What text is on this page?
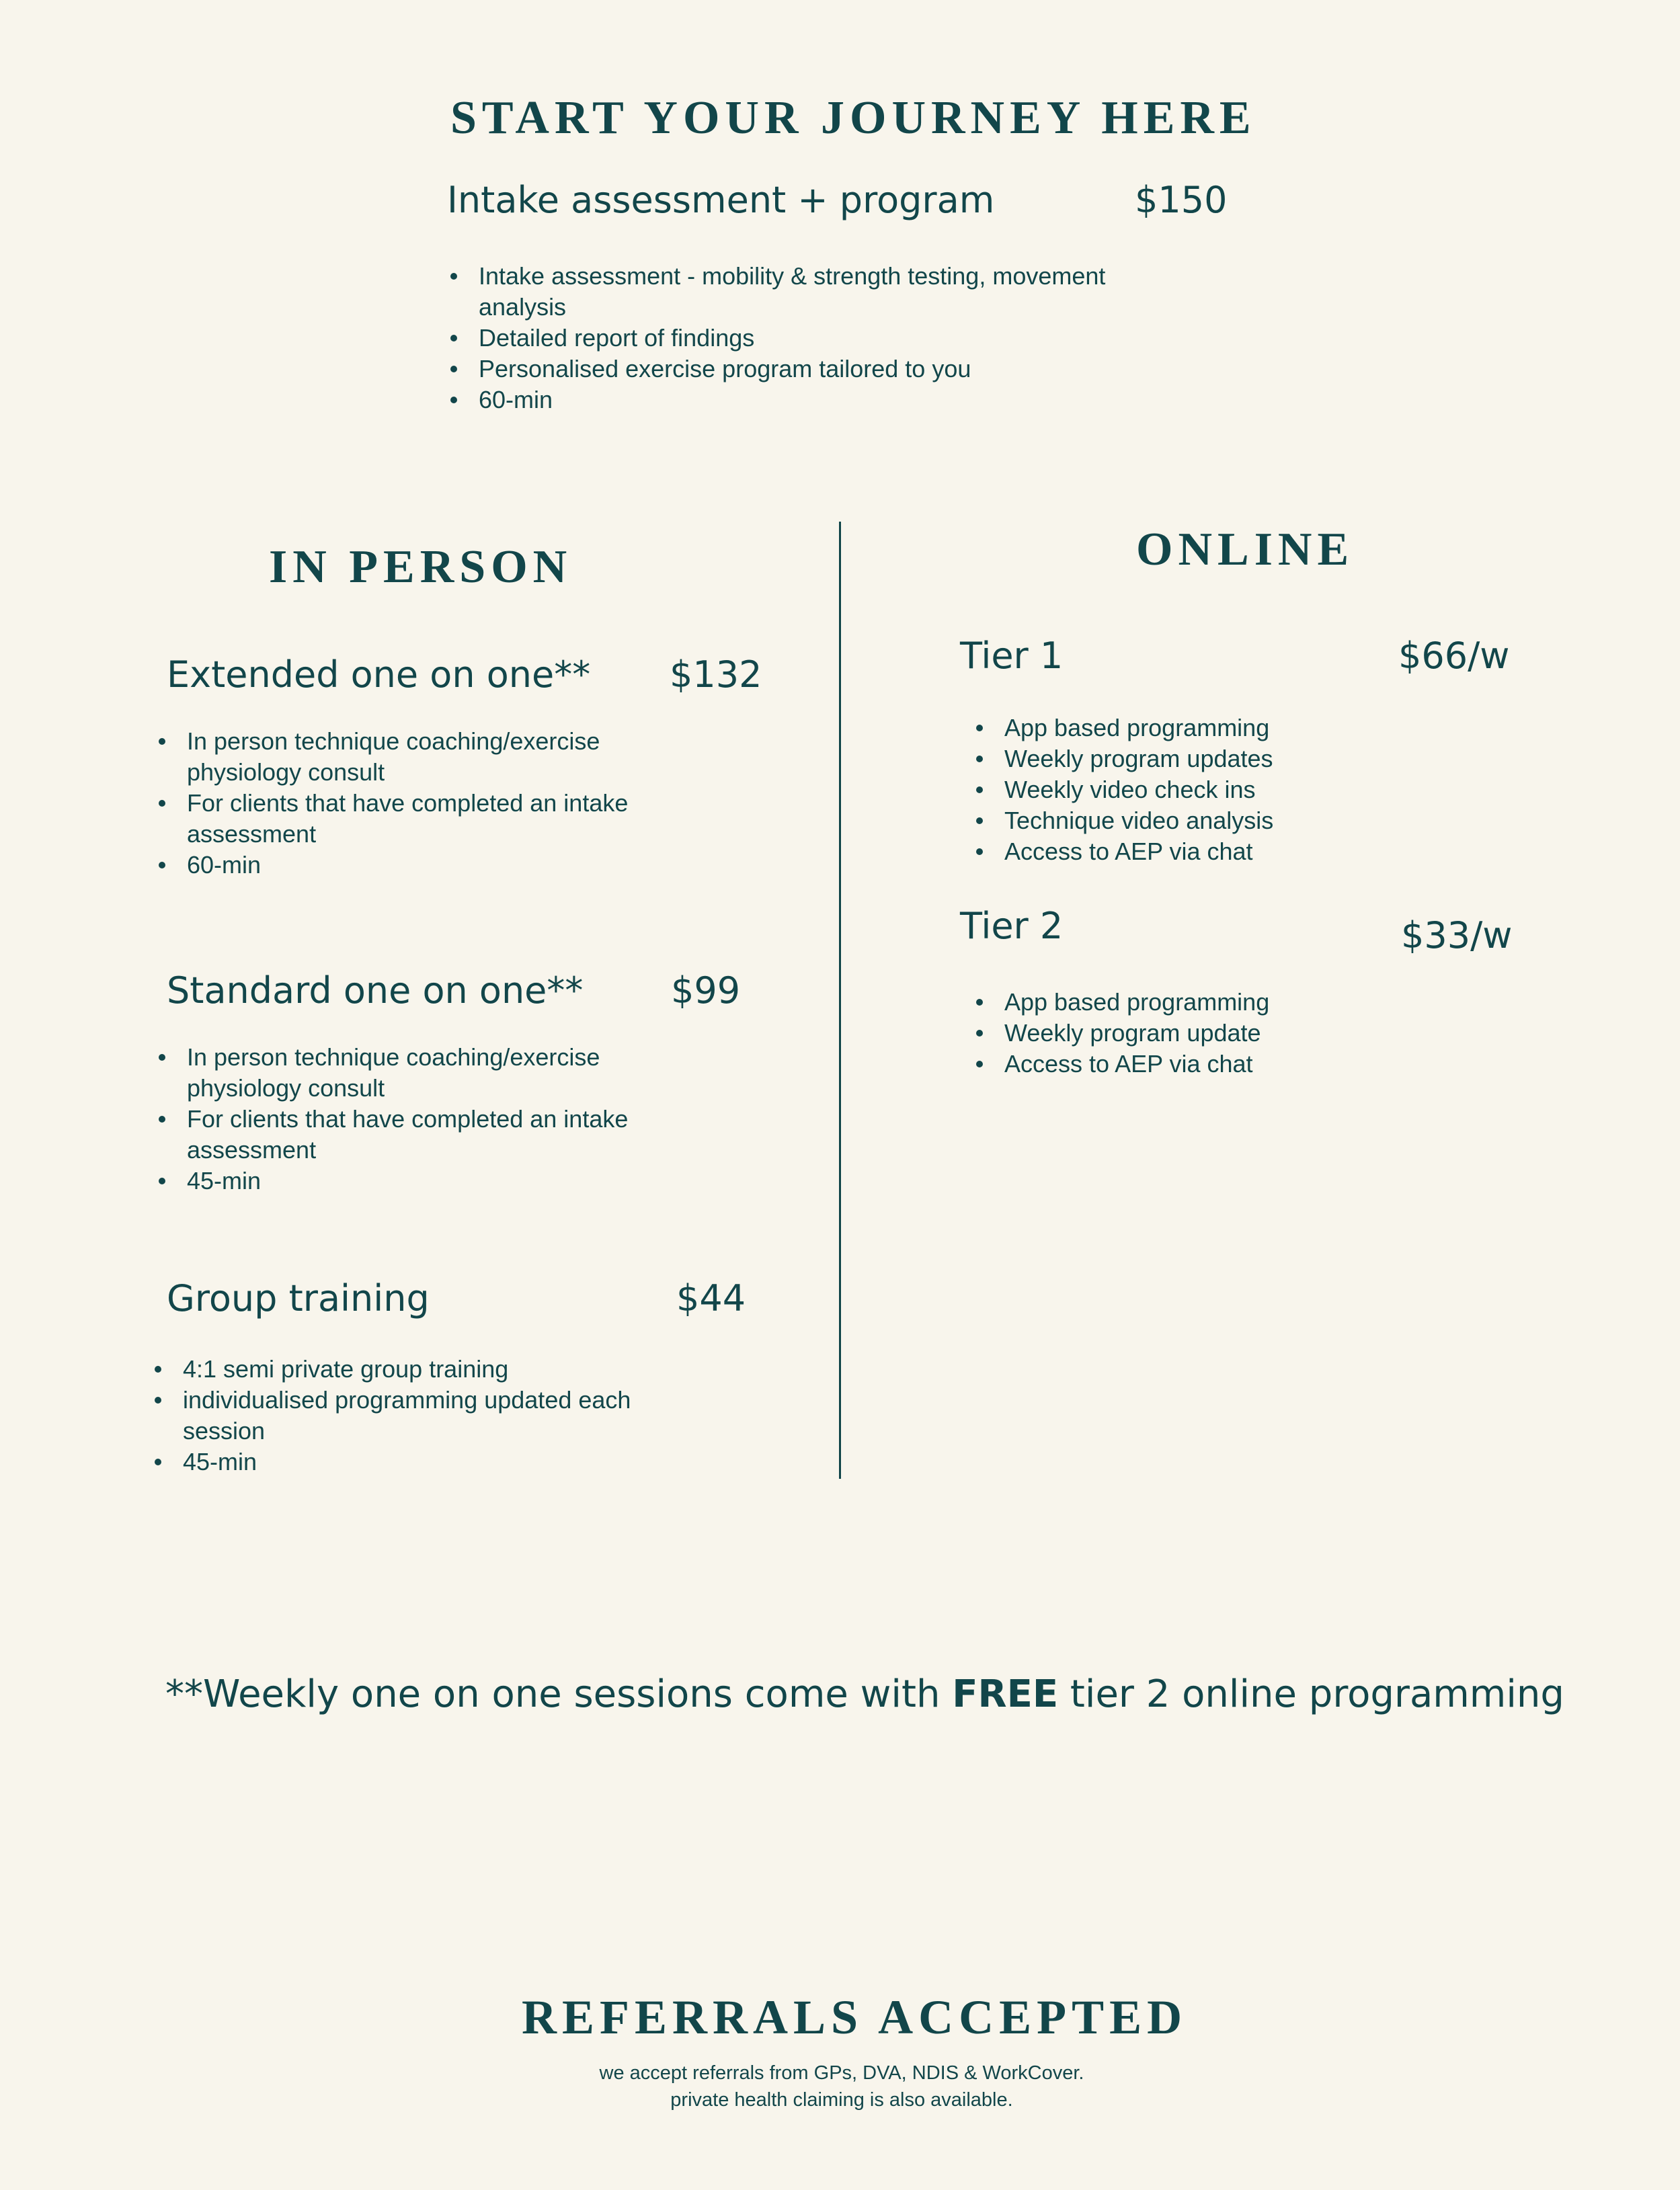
START YOUR JOURNEY HERE
Intake assessment + program	$150
Intake assessment - mobility & strength testing, movement analysis
Detailed report of findings
Personalised exercise program tailored to you
60-min
IN PERSON
Extended one on one** $132
In person technique coaching/exercise physiology consult
For clients that have completed an intake assessment
60-min
Standard one on one** $99
In person technique coaching/exercise physiology consult
For clients that have completed an intake assessment
45-min
Group training	$44
4:1 semi private group training
individualised programming updated each session
45-min
ONLINE
Tier 1	$66/w
App based programming
Weekly program updates
Weekly video check ins
Technique video analysis
Access to AEP via chat
Tier 2	$33/w
App based programming
Weekly program update
Access to AEP via chat
**Weekly one on one sessions come with FREE tier 2 online programming
REFERRALS ACCEPTED
we accept referrals from GPs, DVA, NDIS & WorkCover.
private health claiming is also available.
